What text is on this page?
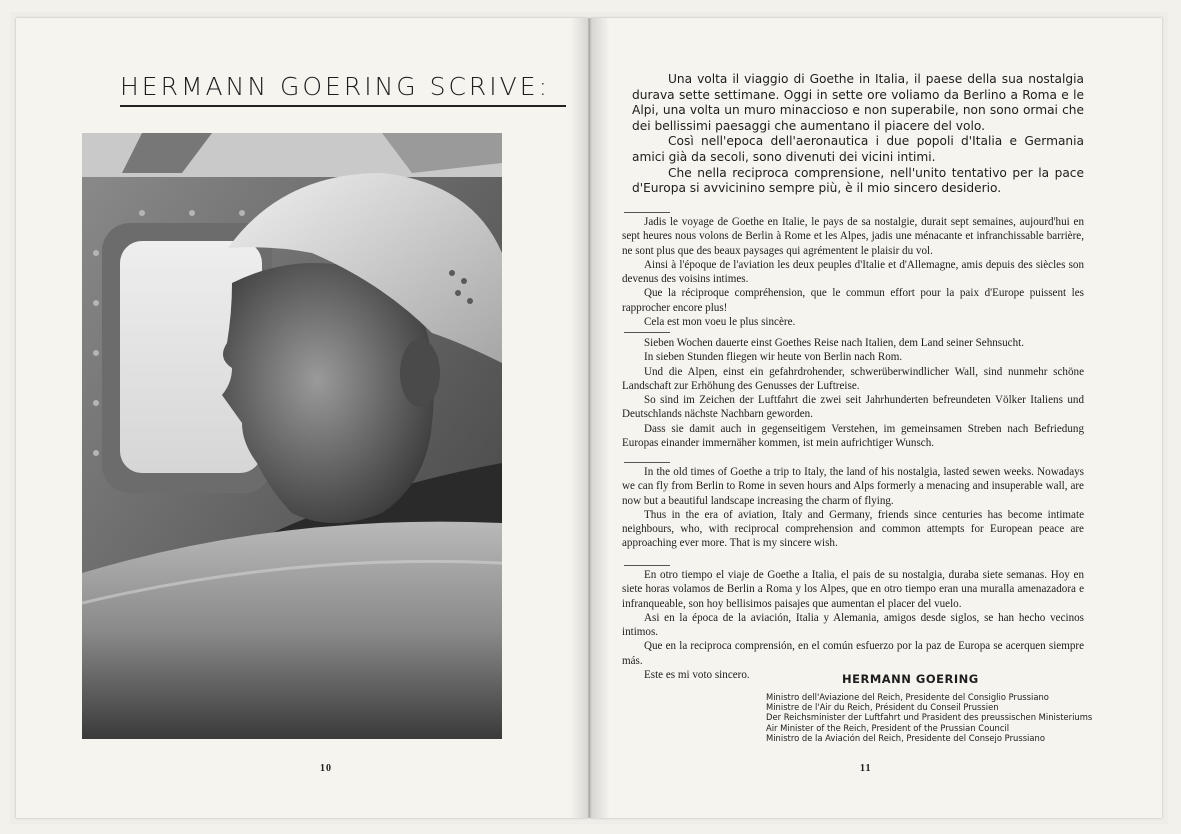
HERMANN GOERING SCRIVE:
10

Una volta il viaggio di Goethe in Italia, il paese della sua nostalgia durava sette settimane. Oggi in sette ore voliamo da Berlino a Roma e le Alpi, una volta un muro minaccioso e non superabile, non sono ormai che dei bellissimi paesaggi che aumentano il piacere del volo.

Così nell'epoca dell'aeronautica i due popoli d'Italia e Germania amici già da secoli, sono divenuti dei vicini intimi.

Che nella reciproca comprensione, nell'unito tentativo per la pace d'Europa si avvicinino sempre più, è il mio sincero desiderio.

Jadis le voyage de Goethe en Italie, le pays de sa nostalgie, durait sept semaines, aujourd'hui en sept heures nous volons de Berlin à Rome et les Alpes, jadis une ménacante et infranchissable barrière, ne sont plus que des beaux paysages qui agrémentent le plaisir du vol.

Ainsi à l'époque de l'aviation les deux peuples d'Italie et d'Allemagne, amis depuis des siècles son devenus des voisins intimes.

Que la réciproque compréhension, que le commun effort pour la paix d'Europe puissent les rapprocher encore plus!

Cela est mon voeu le plus sincère.

Sieben Wochen dauerte einst Goethes Reise nach Italien, dem Land seiner Sehnsucht.

In sieben Stunden fliegen wir heute von Berlin nach Rom.

Und die Alpen, einst ein gefahrdrohender, schwerüberwindlicher Wall, sind nunmehr schöne Landschaft zur Erhöhung des Genusses der Luftreise.

So sind im Zeichen der Luftfahrt die zwei seit Jahrhunderten befreundeten Völker Italiens und Deutschlands nächste Nachbarn geworden.

Dass sie damit auch in gegenseitigem Verstehen, im gemeinsamen Streben nach Befriedung Europas einander immernäher kommen, ist mein aufrichtiger Wunsch.

In the old times of Goethe a trip to Italy, the land of his nostalgia, lasted sewen weeks. Nowadays we can fly from Berlin to Rome in seven hours and Alps formerly a menacing and insuperable wall, are now but a beautiful landscape increasing the charm of flying.

Thus in the era of aviation, Italy and Germany, friends since centuries has become intimate neighbours, who, with reciprocal comprehension and common attempts for European peace are approaching ever more. That is my sincere wish.

En otro tiempo el viaje de Goethe a Italia, el pais de su nostalgia, duraba siete semanas. Hoy en siete horas volamos de Berlin a Roma y los Alpes, que en otro tiempo eran una muralla amenazadora e infranqueable, son hoy bellisimos paisajes que aumentan el placer del vuelo.

Asi en la época de la aviación, Italia y Alemania, amigos desde siglos, se han hecho vecinos intimos.

Que en la reciproca comprensión, en el común esfuerzo por la paz de Europa se acerquen siempre más.

Este es mi voto sincero.	HERMANN GOERING
Ministro dell'Aviazione del Reich, Presidente del Consiglio Prussiano
Ministre de l'Air du Reich, Président du Conseil Prussien
Der Reichsminister der Luftfahrt und Prasident des preussischen Ministeriums
Air Minister of the Reich, President of the Prussian Council
Ministro de la Aviación del Reich, Presidente del Consejo Prussiano
11
